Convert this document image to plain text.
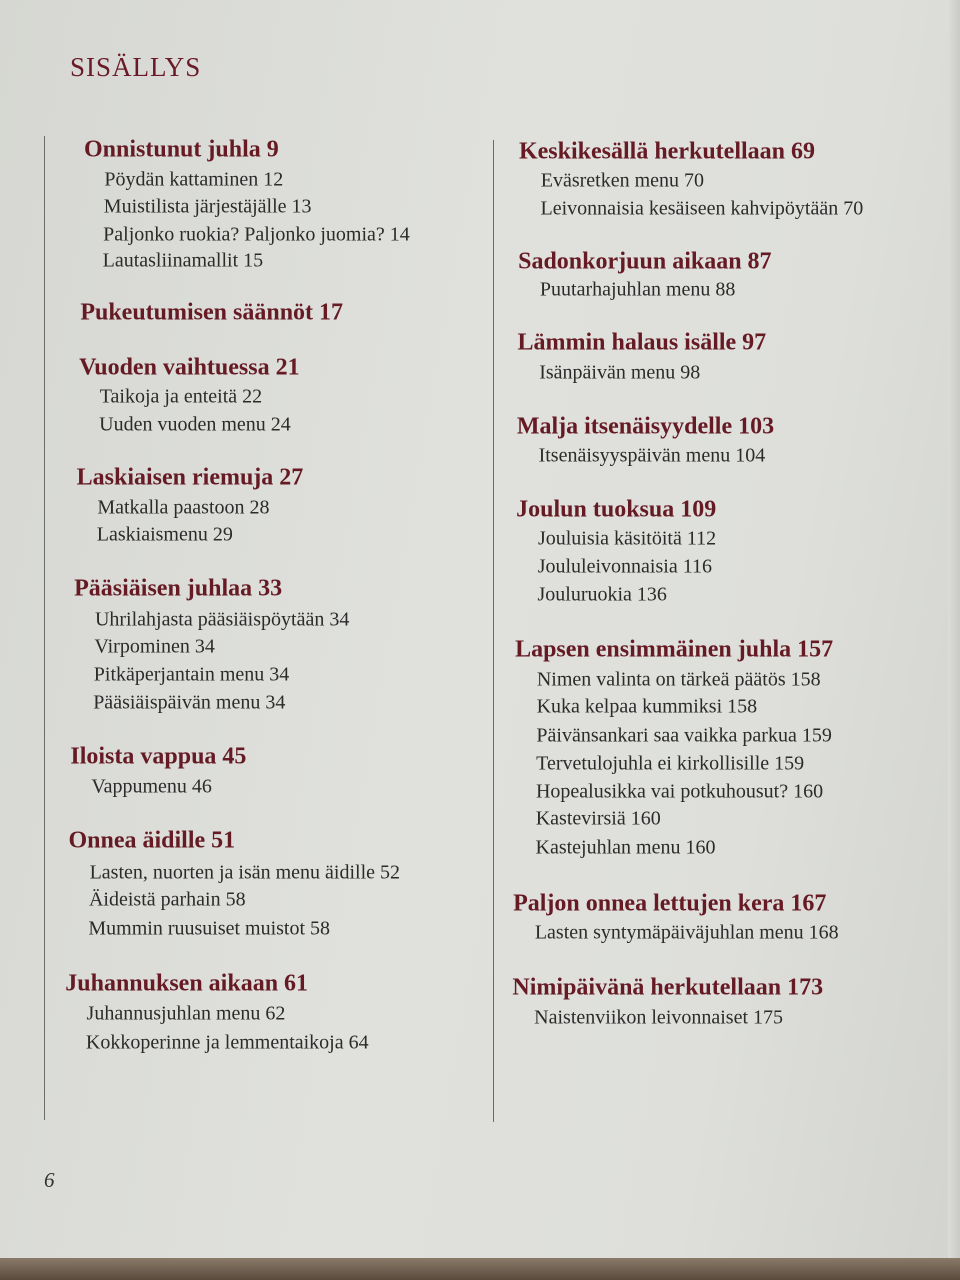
SISÄLLYS
Onnistunut juhla 9
Pöydän kattaminen 12
Muistilista järjestäjälle 13
Paljonko ruokia? Paljonko juomia? 14
Lautasliinamallit 15
Pukeutumisen säännöt 17
Vuoden vaihtuessa 21
Taikoja ja enteitä 22
Uuden vuoden menu 24
Laskiaisen riemuja 27
Matkalla paastoon 28
Laskiaismenu 29
Pääsiäisen juhlaa 33
Uhrilahjasta pääsiäispöytään 34
Virpominen 34
Pitkäperjantain menu 34
Pääsiäispäivän menu 34
Iloista vappua 45
Vappumenu 46
Onnea äidille 51
Lasten, nuorten ja isän menu äidille 52
Äideistä parhain 58
Mummin ruusuiset muistot 58
Juhannuksen aikaan 61
Juhannusjuhlan menu 62
Kokkoperinne ja lemmentaikoja 64
Keskikesällä herkutellaan 69
Eväsretken menu 70
Leivonnaisia kesäiseen kahvipöytään 70
Sadonkorjuun aikaan 87
Puutarhajuhlan menu 88
Lämmin halaus isälle 97
Isänpäivän menu 98
Malja itsenäisyydelle 103
Itsenäisyyspäivän menu 104
Joulun tuoksua 109
Jouluisia käsitöitä 112
Joululeivonnaisia 116
Jouluruokia 136
Lapsen ensimmäinen juhla 157
Nimen valinta on tärkeä päätös 158
Kuka kelpaa kummiksi 158
Päivänsankari saa vaikka parkua 159
Tervetulojuhla ei kirkollisille 159
Hopealusikka vai potkuhousut? 160
Kastevirsiä 160
Kastejuhlan menu 160
Paljon onnea lettujen kera 167
Lasten syntymäpäiväjuhlan menu 168
Nimipäivänä herkutellaan 173
Naistenviikon leivonnaiset 175
6
